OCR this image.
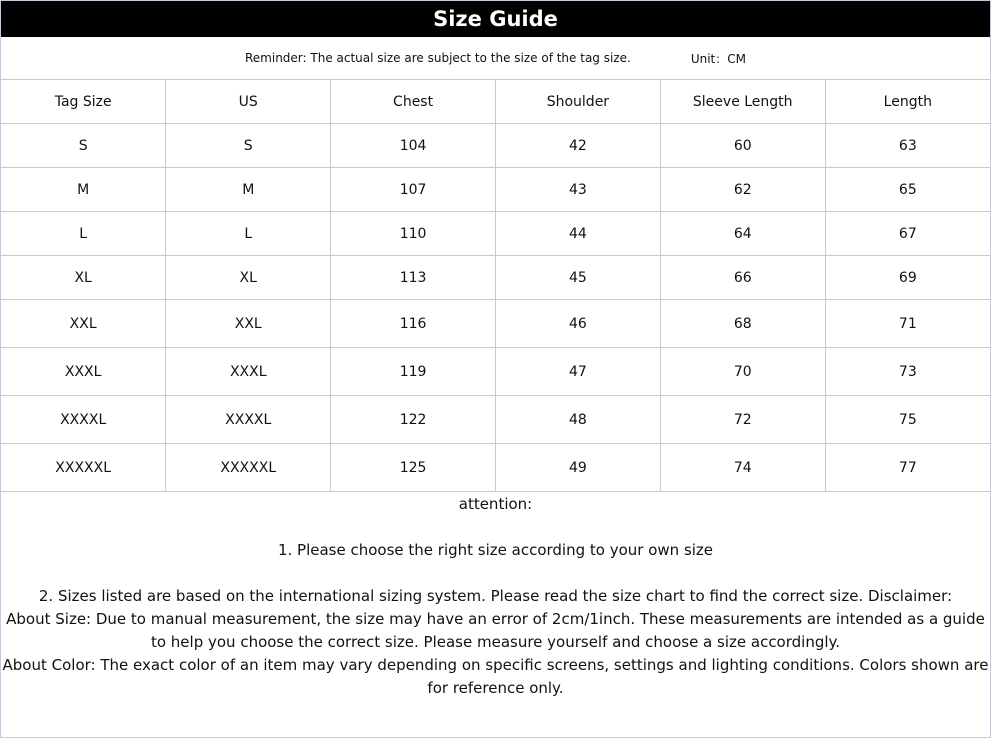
Size Guide
Reminder: The actual size are subject to the size of the tag size.	Unit：CM
Tag Size	US	Chest	Shoulder	Sleeve Length	Length
S	S	104	42	60	63
M	M	107	43	62	65
L	L	110	44	64	67
XL	XL	113	45	66	69
XXL	XXL	116	46	68	71
XXXL	XXXL	119	47	70	73
XXXXL	XXXXL	122	48	72	75
XXXXXL	XXXXXL	125	49	74	77

attention:

1. Please choose the right size according to your own size

2. Sizes listed are based on the international sizing system. Please read the size chart to find the correct size. Disclaimer:

About Size: Due to manual measurement, the size may have an error of 2cm/1inch. These measurements are intended as a guide to help you choose the correct size. Please measure yourself and choose a size accordingly.

About Color: The exact color of an item may vary depending on specific screens, settings and lighting conditions. Colors shown are for reference only.
